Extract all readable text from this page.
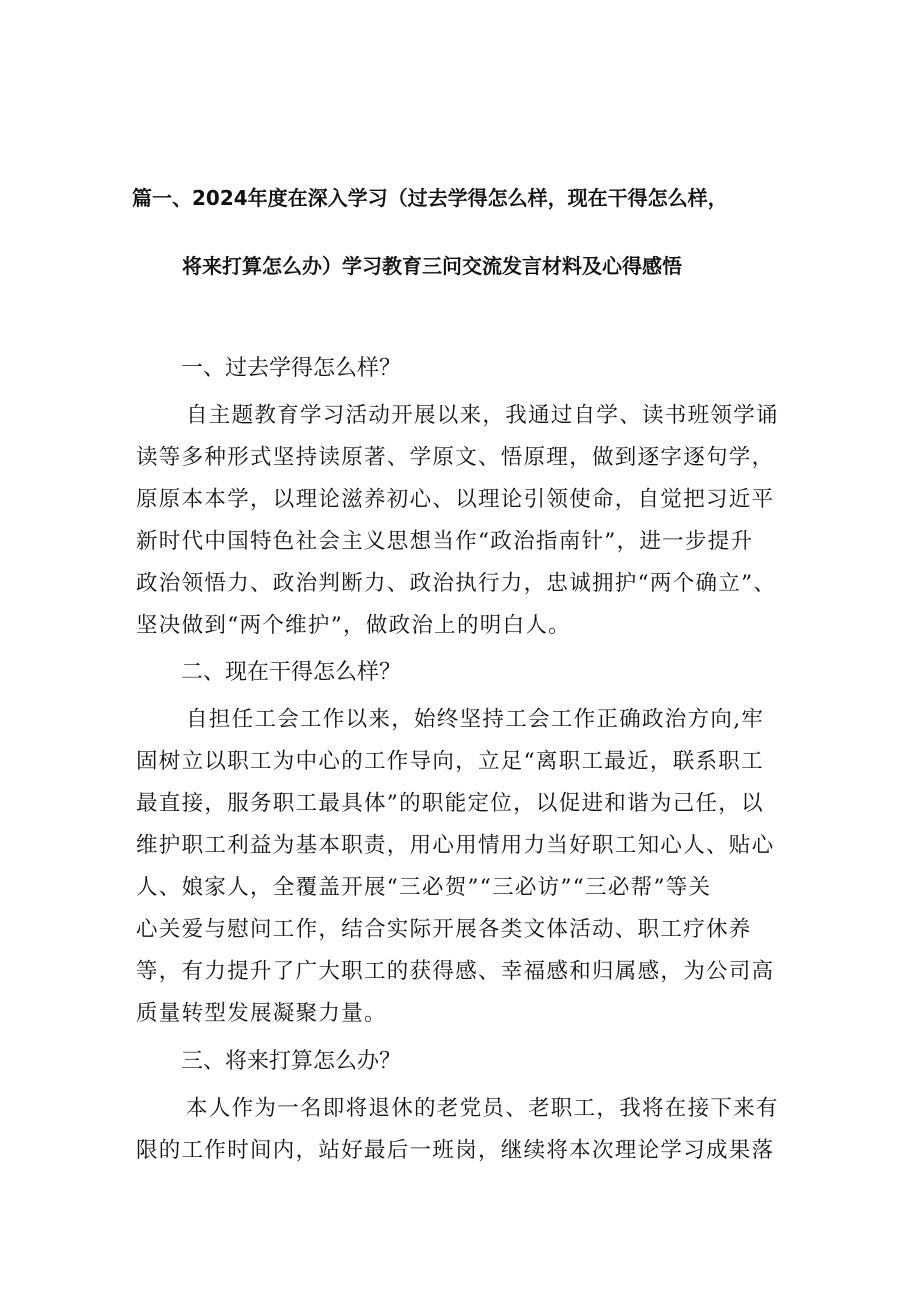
篇一、2024年度在深入学习（过去学得怎么样，现在干得怎么样，
将来打算怎么办）学习教育三问交流发言材料及心得感悟
一、过去学得怎么样？
自主题教育学习活动开展以来，我通过自学、读书班领学诵
读等多种形式坚持读原著、学原文、悟原理，做到逐字逐句学，
原原本本学，以理论滋养初心、以理论引领使命，自觉把习近平
新时代中国特色社会主义思想当作“政治指南针”，进一步提升
政治领悟力、政治判断力、政治执行力，忠诚拥护“两个确立”、
坚决做到“两个维护”，做政治上的明白人。
二、现在干得怎么样？
自担任工会工作以来，始终坚持工会工作正确政治方向,牢
固树立以职工为中心的工作导向，立足“离职工最近，联系职工
最直接，服务职工最具体”的职能定位，以促进和谐为己任，以
维护职工利益为基本职责，用心用情用力当好职工知心人、贴心
人、娘家人，全覆盖开展“三必贺”“三必访”“三必帮”等关
心关爱与慰问工作，结合实际开展各类文体活动、职工疗休养
等，有力提升了广大职工的获得感、幸福感和归属感，为公司高
质量转型发展凝聚力量。
三、将来打算怎么办？
本人作为一名即将退休的老党员、老职工，我将在接下来有
限的工作时间内，站好最后一班岗，继续将本次理论学习成果落
